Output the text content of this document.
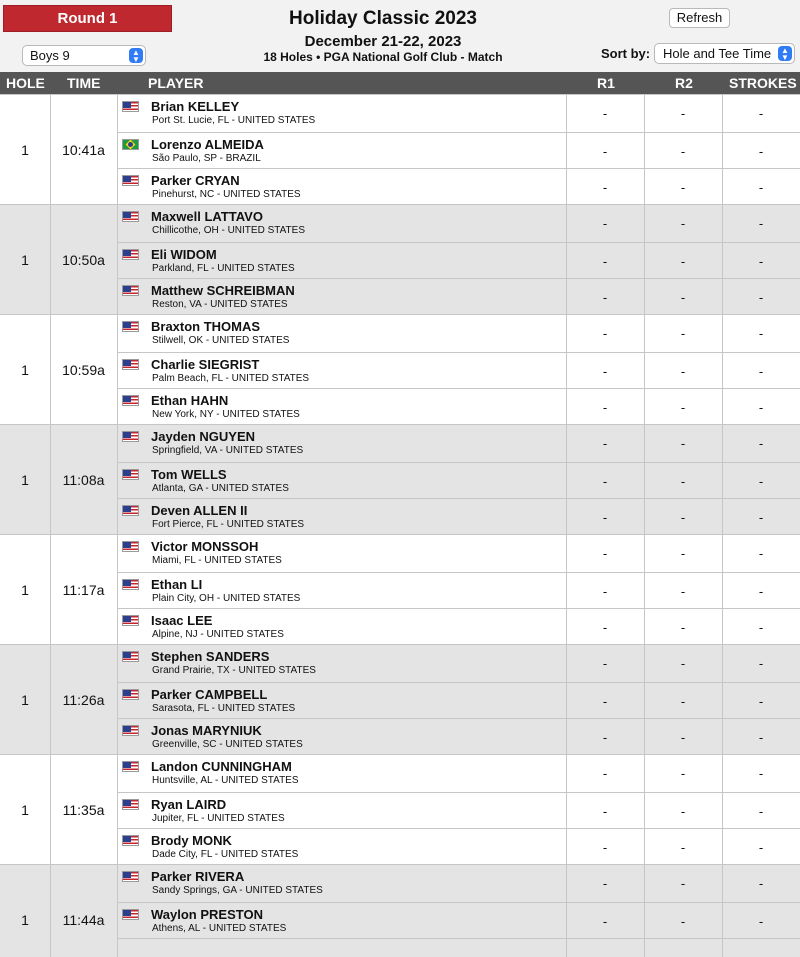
Round 1
Boys 9	▲
▼
Holiday Classic 2023
December 21-22, 2023
18 Holes • PGA National Golf Club - Match
Refresh
Sort by: Hole and Tee Time	▲
▼
HOLE TIME	PLAYER	R1	R2	STROKES
1	10:41a
Brian KELLEY
Port St. Lucie, FL - UNITED STATES	-	-	-
Lorenzo ALMEIDA
São Paulo, SP - BRAZIL	-	-	-
Parker CRYAN
Pinehurst, NC - UNITED STATES	-	-	-
1	10:50a
Maxwell LATTAVO
Chillicothe, OH - UNITED STATES	-	-	-
Eli WIDOM
Parkland, FL - UNITED STATES	-	-	-
Matthew SCHREIBMAN
Reston, VA - UNITED STATES	-	-	-
1	10:59a
Braxton THOMAS
Stilwell, OK - UNITED STATES	-	-	-
Charlie SIEGRIST
Palm Beach, FL - UNITED STATES	-	-	-
Ethan HAHN
New York, NY - UNITED STATES	-	-	-
1	11:08a
Jayden NGUYEN
Springfield, VA - UNITED STATES	-	-	-
Tom WELLS
Atlanta, GA - UNITED STATES	-	-	-
Deven ALLEN II
Fort Pierce, FL - UNITED STATES	-	-	-
1	11:17a
Victor MONSSOH
Miami, FL - UNITED STATES	-	-	-
Ethan LI
Plain City, OH - UNITED STATES	-	-	-
Isaac LEE
Alpine, NJ - UNITED STATES	-	-	-
1	11:26a
Stephen SANDERS
Grand Prairie, TX - UNITED STATES	-	-	-
Parker CAMPBELL
Sarasota, FL - UNITED STATES	-	-	-
Jonas MARYNIUK
Greenville, SC - UNITED STATES	-	-	-
1	11:35a
Landon CUNNINGHAM
Huntsville, AL - UNITED STATES	-	-	-
Ryan LAIRD
Jupiter, FL - UNITED STATES	-	-	-
Brody MONK
Dade City, FL - UNITED STATES	-	-	-
1	11:44a
Parker RIVERA
Sandy Springs, GA - UNITED STATES	-	-	-
Waylon PRESTON
Athens, AL - UNITED STATES	-	-	-
